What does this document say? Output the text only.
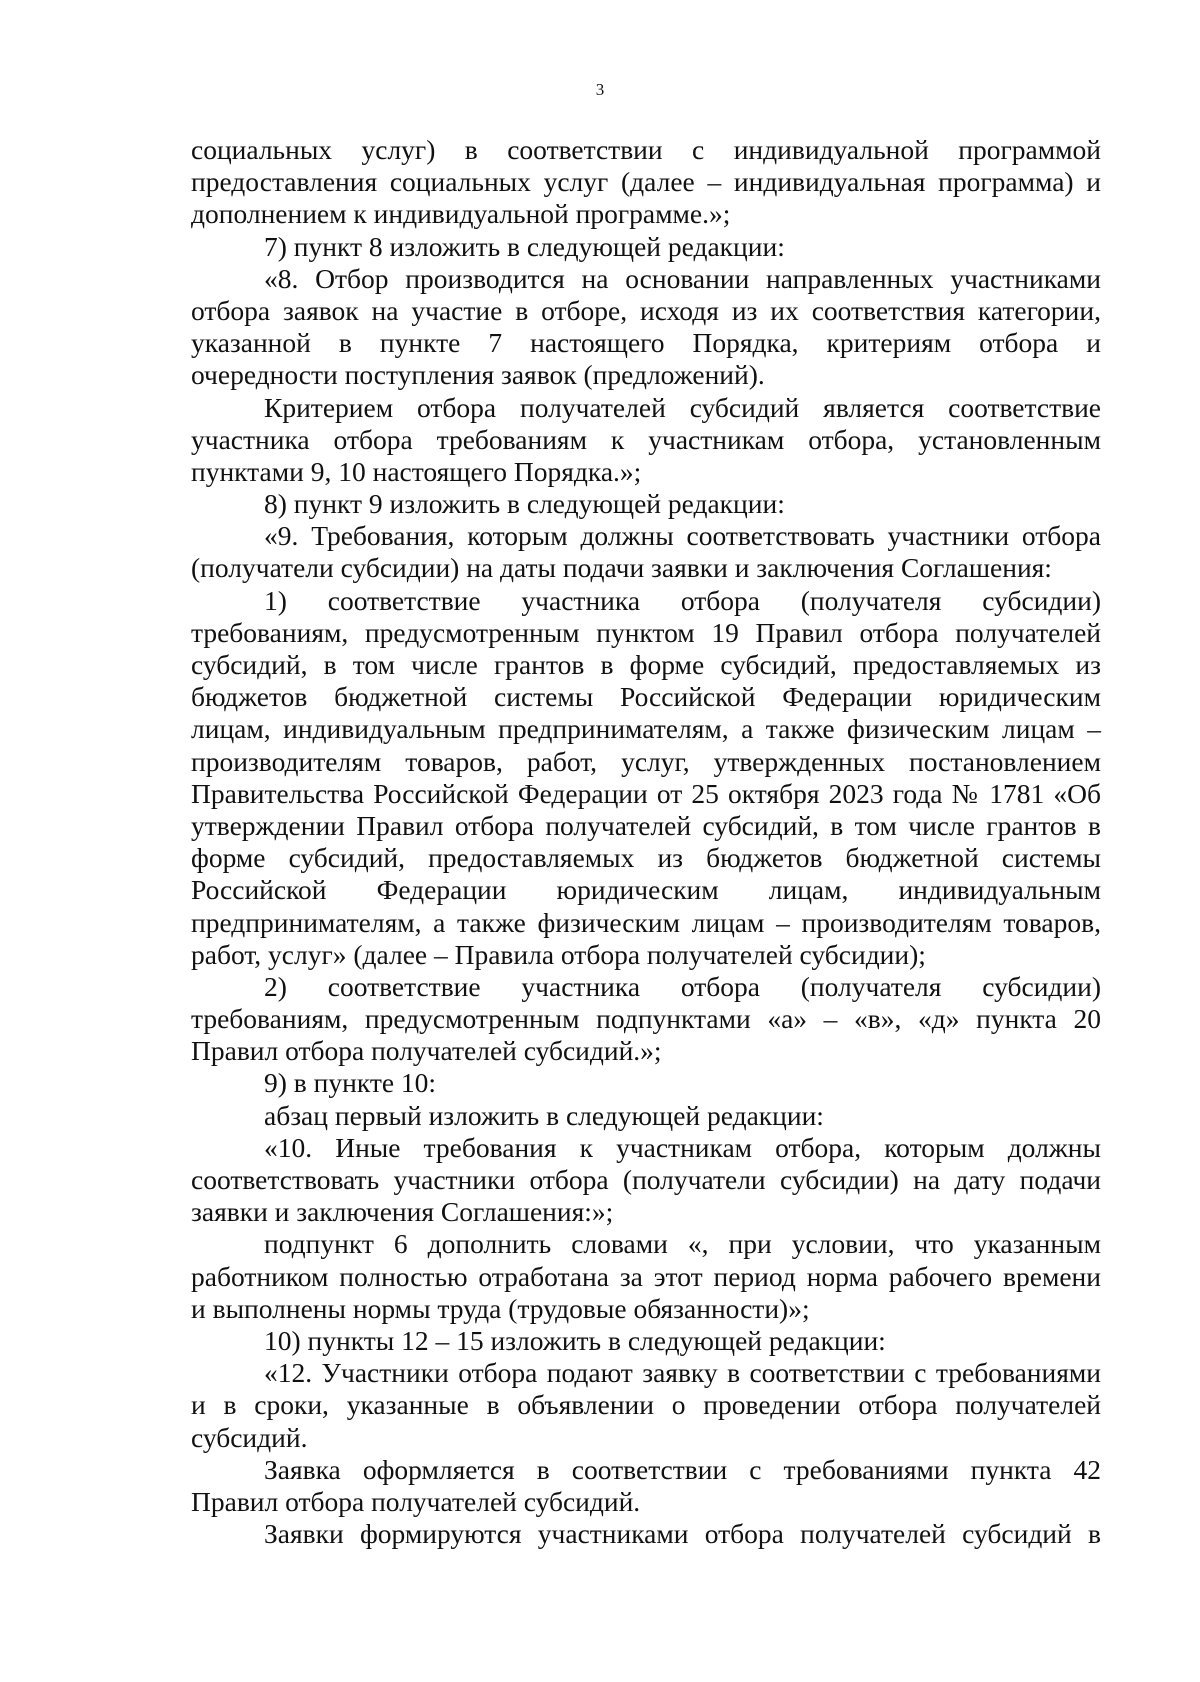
3
социальных услуг) в соответствии с индивидуальной программой
предоставления социальных услуг (далее – индивидуальная программа) и
дополнением к индивидуальной программе.»;
7) пункт 8 изложить в следующей редакции:
«8. Отбор производится на основании направленных участниками
отбора заявок на участие в отборе, исходя из их соответствия категории,
указанной в пункте 7 настоящего Порядка, критериям отбора и
очередности поступления заявок (предложений).
Критерием отбора получателей субсидий является соответствие
участника отбора требованиям к участникам отбора, установленным
пунктами 9, 10 настоящего Порядка.»;
8) пункт 9 изложить в следующей редакции:
«9. Требования, которым должны соответствовать участники отбора
(получатели субсидии) на даты подачи заявки и заключения Соглашения:
1) соответствие участника отбора (получателя субсидии)
требованиям, предусмотренным пунктом 19 Правил отбора получателей
субсидий, в том числе грантов в форме субсидий, предоставляемых из
бюджетов бюджетной системы Российской Федерации юридическим
лицам, индивидуальным предпринимателям, а также физическим лицам –
производителям товаров, работ, услуг, утвержденных постановлением
Правительства Российской Федерации от 25 октября 2023 года № 1781 «Об
утверждении Правил отбора получателей субсидий, в том числе грантов в
форме субсидий, предоставляемых из бюджетов бюджетной системы
Российской Федерации юридическим лицам, индивидуальным
предпринимателям, а также физическим лицам – производителям товаров,
работ, услуг» (далее – Правила отбора получателей субсидии);
2) соответствие участника отбора (получателя субсидии)
требованиям, предусмотренным подпунктами «а» – «в», «д» пункта 20
Правил отбора получателей субсидий.»;
9) в пункте 10:
абзац первый изложить в следующей редакции:
«10. Иные требования к участникам отбора, которым должны
соответствовать участники отбора (получатели субсидии) на дату подачи
заявки и заключения Соглашения:»;
подпункт 6 дополнить словами «, при условии, что указанным
работником полностью отработана за этот период норма рабочего времени
и выполнены нормы труда (трудовые обязанности)»;
10) пункты 12 – 15 изложить в следующей редакции:
«12. Участники отбора подают заявку в соответствии с требованиями
и в сроки, указанные в объявлении о проведении отбора получателей
субсидий.
Заявка оформляется в соответствии с требованиями пункта 42
Правил отбора получателей субсидий.
Заявки формируются участниками отбора получателей субсидий в
